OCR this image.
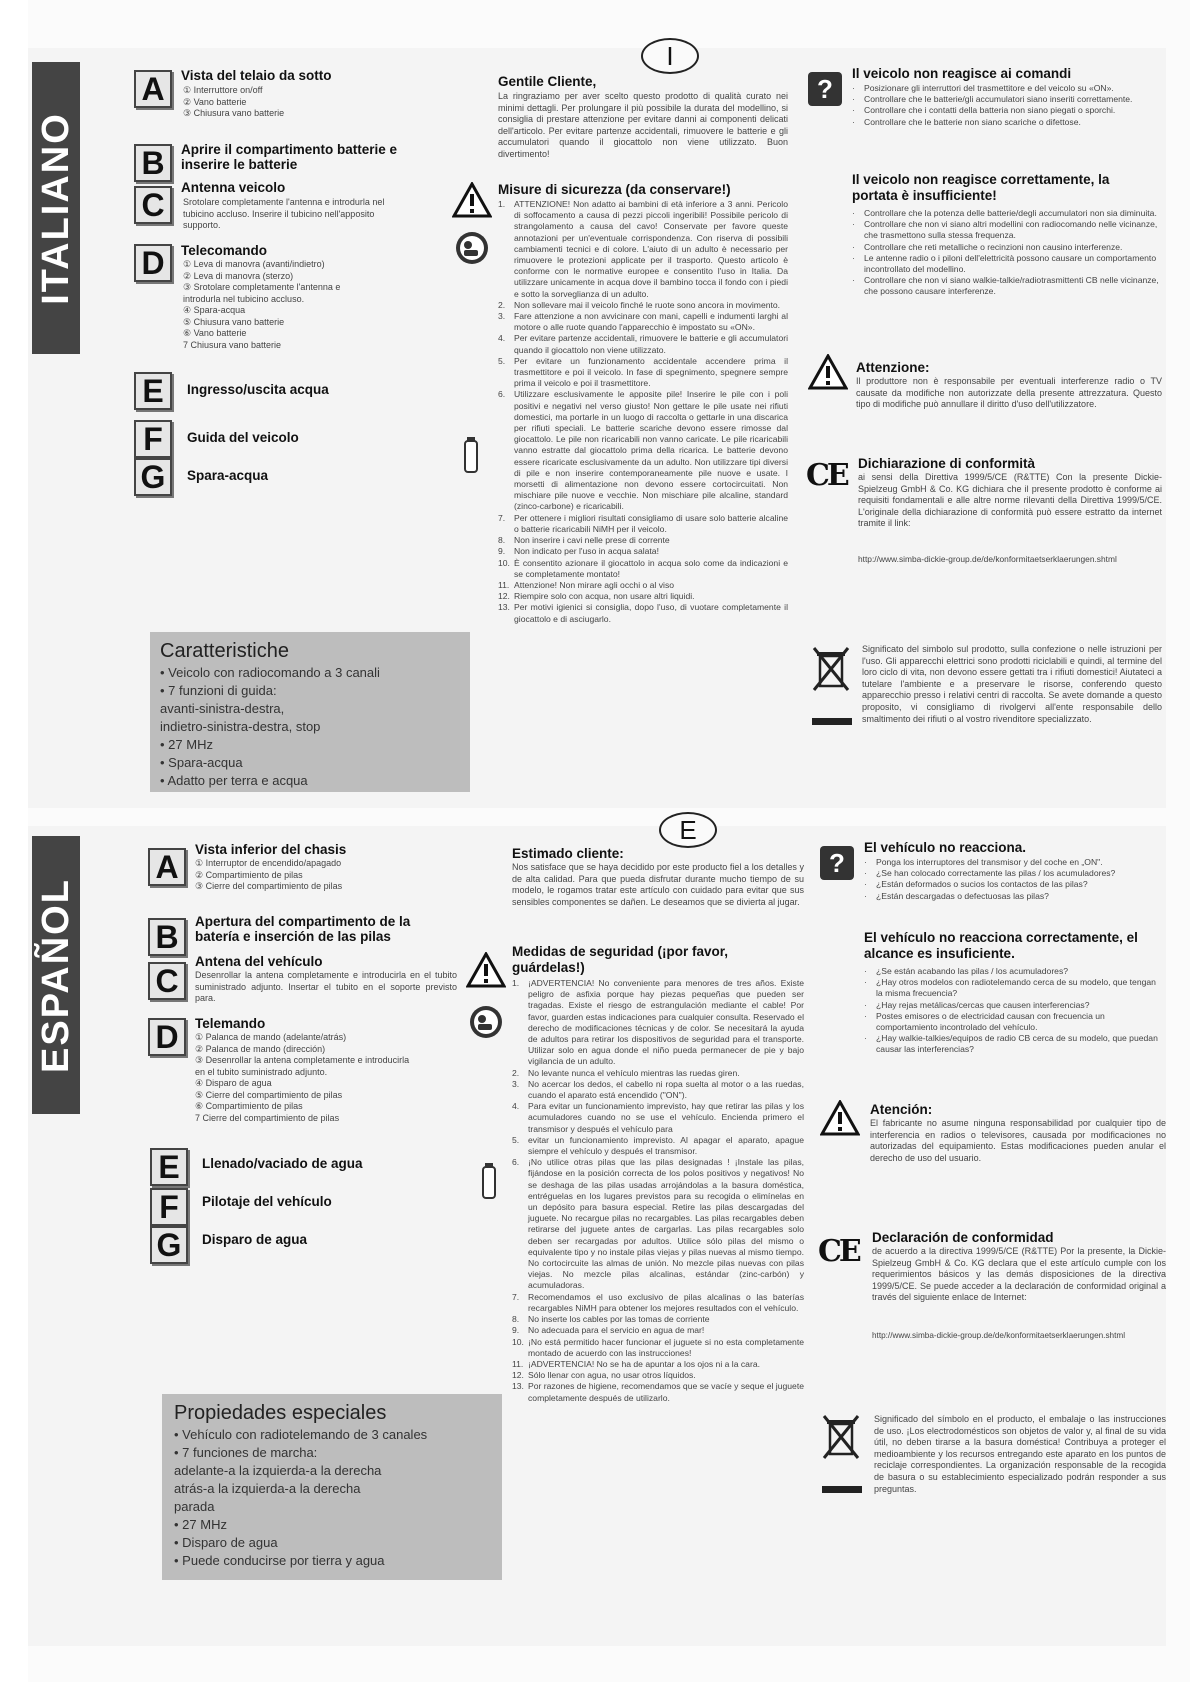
ITALIANO
I
A	Vista del telaio da sotto
① Interruttore on/off
② Vano batterie
③ Chiusura vano batterie
B	Aprire il compartimento batterie e inserire le batterie
C	Antenna veicolo
Srotolare completamente l'antenna e introdurla nel tubicino accluso. Inserire il tubicino nell'apposito supporto.
D	Telecomando
① Leva di manovra (avanti/indietro)
② Leva di manovra (sterzo)
③ Srotolare completamente l'antenna e
introdurla nel tubicino accluso.
④ Spara-acqua
⑤ Chiusura vano batterie
⑥ Vano batterie
7 Chiusura vano batterie
E	Ingresso/uscita acqua
F	Guida del veicolo
G	Spara-acqua
Caratteristiche
• Veicolo con radiocomando a 3 canali
• 7 funzioni di guida:
avanti-sinistra-destra,
indietro-sinistra-destra, stop
• 27 MHz
• Spara-acqua
• Adatto per terra e acqua
Gentile Cliente,
La ringraziamo per aver scelto questo prodotto di qualità curato nei minimi dettagli. Per prolungare il più possibile la durata del modellino, si consiglia di prestare attenzione per evitare danni ai componenti delicati dell'articolo. Per evitare partenze accidentali, rimuovere le batterie e gli accumulatori quando il giocattolo non viene utilizzato. Buon divertimento!
Misure di sicurezza (da conservare!)
1.	ATTENZIONE! Non adatto ai bambini di età inferiore a 3 anni. Pericolo di soffocamento a causa di pezzi piccoli ingeribili! Possibile pericolo di strangolamento a causa del cavo! Conservate per favore queste annotazioni per un'eventuale corrispondenza. Con riserva di possibili cambiamenti tecnici e di colore. L'aiuto di un adulto è necessario per rimuovere le protezioni applicate per il trasporto. Questo articolo è conforme con le normative europee e consentito l'uso in Italia. Da utilizzare unicamente in acqua dove il bambino tocca il fondo con i piedi e sotto la sorveglianza di un adulto.
2.	Non sollevare mai il veicolo finché le ruote sono ancora in movimento.
3.	Fare attenzione a non avvicinare con mani, capelli e indumenti larghi al motore o alle ruote quando l'apparecchio è impostato su «ON».
4.	Per evitare partenze accidentali, rimuovere le batterie e gli accumulatori quando il giocattolo non viene utilizzato.
5.	Per evitare un funzionamento accidentale accendere prima il trasmettitore e poi il veicolo. In fase di spegnimento, spegnere sempre prima il veicolo e poi il trasmettitore.
6.	Utilizzare esclusivamente le apposite pile! Inserire le pile con i poli positivi e negativi nel verso giusto! Non gettare le pile usate nei rifiuti domestici, ma portarle in un luogo di raccolta o gettarle in una discarica per rifiuti speciali. Le batterie scariche devono essere rimosse dal giocattolo. Le pile non ricaricabili non vanno caricate. Le pile ricaricabili vanno estratte dal giocattolo prima della ricarica. Le batterie devono essere ricaricate esclusivamente da un adulto. Non utilizzare tipi diversi di pile e non inserire contemporaneamente pile nuove e usate. I morsetti di alimentazione non devono essere cortocircuitati. Non mischiare pile nuove e vecchie. Non mischiare pile alcaline, standard (zinco-carbone) e ricaricabili.
7.	Per ottenere i migliori risultati consigliamo di usare solo batterie alcaline o batterie ricaricabili NiMH per il veicolo.
8.	Non inserire i cavi nelle prese di corrente
9.	Non indicato per l'uso in acqua salata!
10. È consentito azionare il giocattolo in acqua solo come da indicazioni e se completamente montato!
11. Attenzione! Non mirare agli occhi o al viso
12. Riempire solo con acqua, non usare altri liquidi.
13. Per motivi igienici si consiglia, dopo l'uso, di vuotare completamente il giocattolo e di asciugarlo.
?	Il veicolo non reagisce ai comandi
·	Posizionare gli interruttori del trasmettitore e del veicolo su «ON».
·	Controllare che le batterie/gli accumulatori siano inseriti correttamente.
·	Controllare che i contatti della batteria non siano piegati o sporchi.
·	Controllare che le batterie non siano scariche o difettose.
Il veicolo non reagisce correttamente, la portata è insufficiente!
·	Controllare che la potenza delle batterie/degli accumulatori non sia diminuita.
·	Controllare che non vi siano altri modellini con radiocomando nelle vicinanze, che trasmettono sulla stessa frequenza.
·	Controllare che reti metalliche o recinzioni non causino interferenze.
·	Le antenne radio o i piloni dell'elettricità possono causare un comportamento incontrollato del modellino.
·	Controllare che non vi siano walkie-talkie/radiotrasmittenti CB nelle vicinanze, che possono causare interferenze.
Attenzione:
Il produttore non è responsabile per eventuali interferenze radio o TV causate da modifiche non autorizzate della presente attrezzatura. Questo tipo di modifiche può annullare il diritto d'uso dell'utilizzatore.
CE Dichiarazione di conformità
ai sensi della Direttiva 1999/5/CE (R&TTE) Con la presente Dickie-Spielzeug GmbH & Co. KG dichiara che il presente prodotto è conforme ai requisiti fondamentali e alle altre norme rilevanti della Direttiva 1999/5/CE. L'originale della dichiarazione di conformità può essere estratto da internet tramite il link:
http://www.simba-dickie-group.de/de/konformitaetserklaerungen.shtml
Significato del simbolo sul prodotto, sulla confezione o nelle istruzioni per l'uso. Gli apparecchi elettrici sono prodotti riciclabili e quindi, al termine del loro ciclo di vita, non devono essere gettati tra i rifiuti domestici! Aiutateci a tutelare l'ambiente e a preservare le risorse, conferendo questo apparecchio presso i relativi centri di raccolta. Se avete domande a questo proposito, vi consigliamo di rivolgervi all'ente responsabile dello smaltimento dei rifiuti o al vostro rivenditore specializzato.
ESPAÑOL
E
A	Vista inferior del chasis
① Interruptor de encendido/apagado
② Compartimiento de pilas
③ Cierre del compartimiento de pilas
B	Apertura del compartimento de la batería e inserción de las pilas
C
Antena del vehículo
Desenrollar la antena completamente e introducirla en el tubito suministrado adjunto. Insertar el tubito en el soporte previsto para.
D	Telemando
① Palanca de mando (adelante/atrás)
② Palanca de mando (dirección)
③ Desenrollar la antena completamente e introducirla
en el tubito suministrado adjunto.
④ Disparo de agua
⑤ Cierre del compartimiento de pilas
⑥ Compartimiento de pilas
7 Cierre del compartimiento de pilas
E	Llenado/vaciado de agua
F	Pilotaje del vehículo
G	Disparo de agua
Propiedades especiales
• Vehículo con radiotelemando de 3 canales
• 7 funciones de marcha:
adelante-a la izquierda-a la derecha
atrás-a la izquierda-a la derecha
parada
• 27 MHz
• Disparo de agua
• Puede conducirse por tierra y agua
Estimado cliente:
Nos satisface que se haya decidido por este producto fiel a los detalles y de alta calidad. Para que pueda disfrutar durante mucho tiempo de su modelo, le rogamos tratar este artículo con cuidado para evitar que sus sensibles componentes se dañen. Le deseamos que se divierta al jugar.
Medidas de seguridad (¡por favor, guárdelas!)
1.	¡ADVERTENCIA! No conveniente para menores de tres años. Existe peligro de asfixia porque hay piezas pequeñas que pueden ser tragadas. Existe el riesgo de estrangulación mediante el cable! Por favor, guarden estas indicaciones para cualquier consulta. Reservado el derecho de modificaciones técnicas y de color. Se necesitará la ayuda de adultos para retirar los dispositivos de seguridad para el transporte. Utilizar solo en agua donde el niño pueda permanecer de pie y bajo vigilancia de un adulto.
2.	No levante nunca el vehículo mientras las ruedas giren.
3.	No acercar los dedos, el cabello ni ropa suelta al motor o a las ruedas, cuando el aparato está encendido ("ON").
4.	Para evitar un funcionamiento imprevisto, hay que retirar las pilas y los acumuladores cuando no se use el vehículo. Encienda primero el transmisor y después el vehículo para
5.	evitar un funcionamiento imprevisto. Al apagar el aparato, apague siempre el vehículo y después el transmisor.
6.	¡No utilice otras pilas que las pilas designadas ! ¡Instale las pilas, fijándose en la posición correcta de los polos positivos y negativos! No se deshaga de las pilas usadas arrojándolas a la basura doméstica, entréguelas en los lugares previstos para su recogida o elimínelas en un depósito para basura especial. Retire las pilas descargadas del juguete. No recargue pilas no recargables. Las pilas recargables deben retirarse del juguete antes de cargarlas. Las pilas recargables solo deben ser recargadas por adultos. Utilice sólo pilas del mismo o equivalente tipo y no instale pilas viejas y pilas nuevas al mismo tiempo. No cortocircuite las almas de unión. No mezcle pilas nuevas con pilas viejas. No mezcle pilas alcalinas, estándar (zinc-carbón) y acumuladoras.
7.	Recomendamos el uso exclusivo de pilas alcalinas o las baterías recargables NiMH para obtener los mejores resultados con el vehículo.
8.	No inserte los cables por las tomas de corriente
9.	No adecuada para el servicio en agua de mar!
10. ¡No está permitido hacer funcionar el juguete si no esta completamente montado de acuerdo con las instrucciones!
11. ¡ADVERTENCIA! No se ha de apuntar a los ojos ni a la cara.
12. Sólo llenar con agua, no usar otros líquidos.
13. Por razones de higiene, recomendamos que se vacíe y seque el juguete completamente después de utilizarlo.
?	El vehículo no reacciona.
·	Ponga los interruptores del transmisor y del coche en „ON".
·	¿Se han colocado correctamente las pilas / los acumuladores?
·	¿Están deformados o sucios los contactos de las pilas?
·	¿Están descargadas o defectuosas las pilas?
El vehículo no reacciona correctamente, el alcance es insuficiente.
·	¿Se están acabando las pilas / los acumuladores?
·	¿Hay otros modelos con radiotelemando cerca de su modelo, que tengan la misma frecuencia?
·	¿Hay rejas metálicas/cercas que causen interferencias?
·	Postes emisores o de electricidad causan con frecuencia un comportamiento incontrolado del vehículo.
·	¿Hay walkie-talkies/equipos de radio CB cerca de su modelo, que puedan causar las interferencias?
Atención:
El fabricante no asume ninguna responsabilidad por cualquier tipo de interferencia en radios o televisores, causada por modificaciones no autorizadas del equipamiento. Estas modificaciones pueden anular el derecho de uso del usuario.
CE Declaración de conformidad
de acuerdo a la directiva 1999/5/CE (R&TTE) Por la presente, la Dickie-Spielzeug GmbH & Co. KG declara que el este artículo cumple con los requerimientos básicos y las demás disposiciones de la directiva 1999/5/CE. Se puede acceder a la declaración de conformidad original a través del siguiente enlace de Internet:
http://www.simba-dickie-group.de/de/konformitaetserklaerungen.shtml
Significado del símbolo en el producto, el embalaje o las instrucciones de uso. ¡Los electrodomésticos son objetos de valor y, al final de su vida útil, no deben tirarse a la basura doméstica! Contribuya a proteger el medioambiente y los recursos entregando este aparato en los puntos de reciclaje correspondientes. La organización responsable de la recogida de basura o su establecimiento especializado podrán responder a sus preguntas.
